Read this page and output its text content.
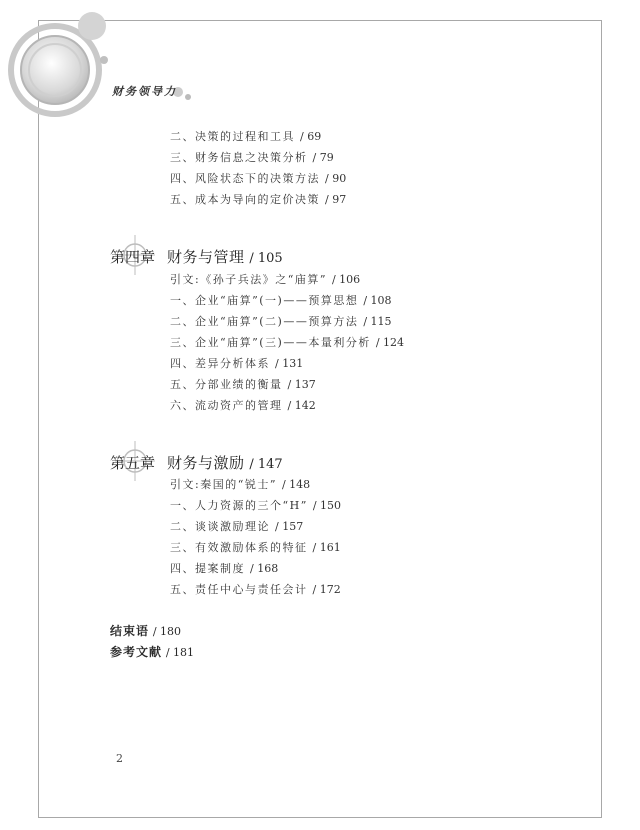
财务领导力
二、决策的过程和工具 / 69
三、财务信息之决策分析 / 79
四、风险状态下的决策方法 / 90
五、成本为导向的定价决策 / 97
第四章 财务与管理 / 105
引文:《孙子兵法》之“庙算” / 106
一、企业“庙算”(一)——预算思想 / 108
二、企业“庙算”(二)——预算方法 / 115
三、企业“庙算”(三)——本量利分析 / 124
四、差异分析体系 / 131
五、分部业绩的衡量 / 137
六、流动资产的管理 / 142
第五章 财务与激励 / 147
引文:秦国的“锐士” / 148
一、人力资源的三个“H” / 150
二、谈谈激励理论 / 157
三、有效激励体系的特征 / 161
四、提案制度 / 168
五、责任中心与责任会计 / 172
结束语 / 180
参考文献 / 181
2
